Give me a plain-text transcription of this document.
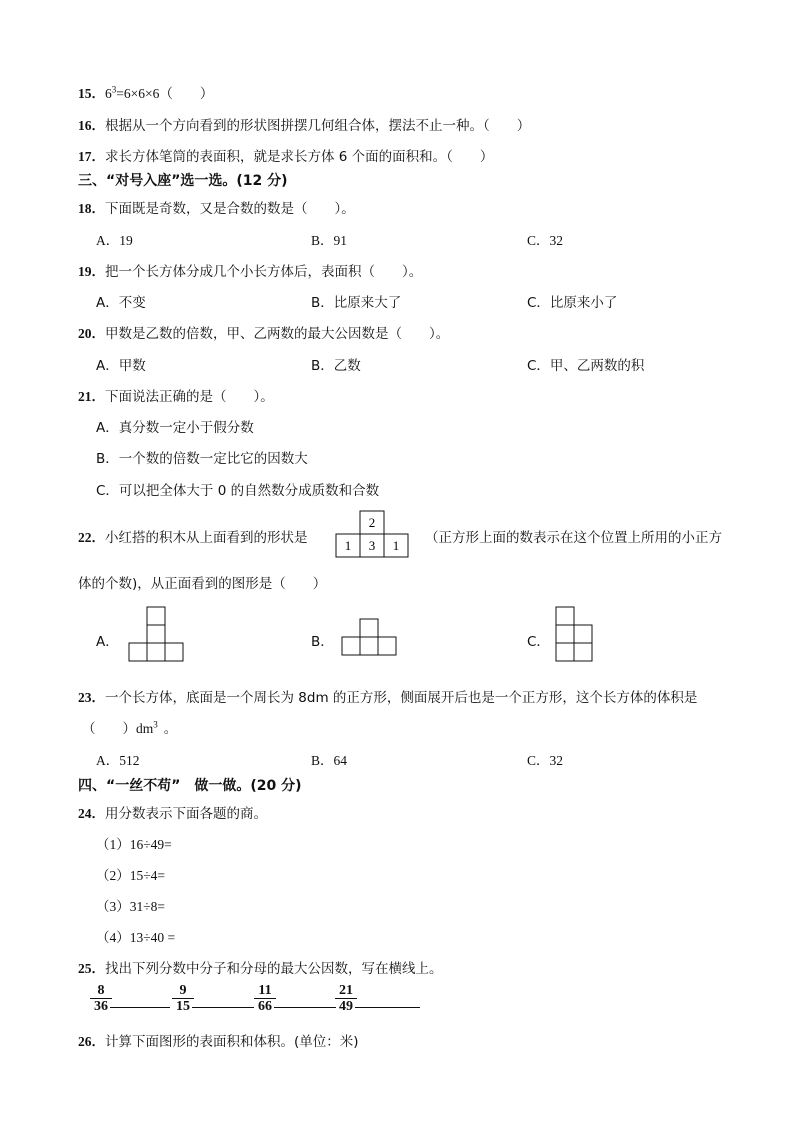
15．$6^3=6\times 6\times 6$（　　）
16．根据从一个方向看到的形状图拼摆几何组合体，摆法不止一种。（　　）
17．求长方体笔筒的表面积，就是求长方体 6 个面的面积和。（　　）
三、“对号入座”选一选。(12 分)
18．下面既是奇数，又是合数的数是（　　）。
A．19	B．91	C．32
19．把一个长方体分成几个小长方体后，表面积（　　）。
A．不变	B．比原来大了	C．比原来小了
20．甲数是乙数的倍数，甲、乙两数的最大公因数是（　　）。
A．甲数	B．乙数	C．甲、乙两数的积
21．下面说法正确的是（　　）。
A．真分数一定小于假分数
B．一个数的倍数一定比它的因数大
C．可以把全体大于 0 的自然数分成质数和合数
22．小红搭的积木从上面看到的形状是
2
1 3 1 （正方形上面的数表示在这个位置上所用的小正方
体的个数)，从正面看到的图形是（　　）
A．	B．	C．
23．一个长方体，底面是一个周长为 8dm 的正方形，侧面展开后也是一个正方形，这个长方体的体积是
（　　）$dm^3$ 。
A．512	B．64	C．32
四、“一丝不苟”　做一做。(20 分)
24．用分数表示下面各题的商。
（1）16÷49=
（2）15÷4=
（3）31÷8=
（4）13÷40 =
25．找出下列分数中分子和分母的最大公因数，写在横线上。
8
36
9
15
11
66
21
49
26．计算下面图形的表面积和体积。(单位：米)
